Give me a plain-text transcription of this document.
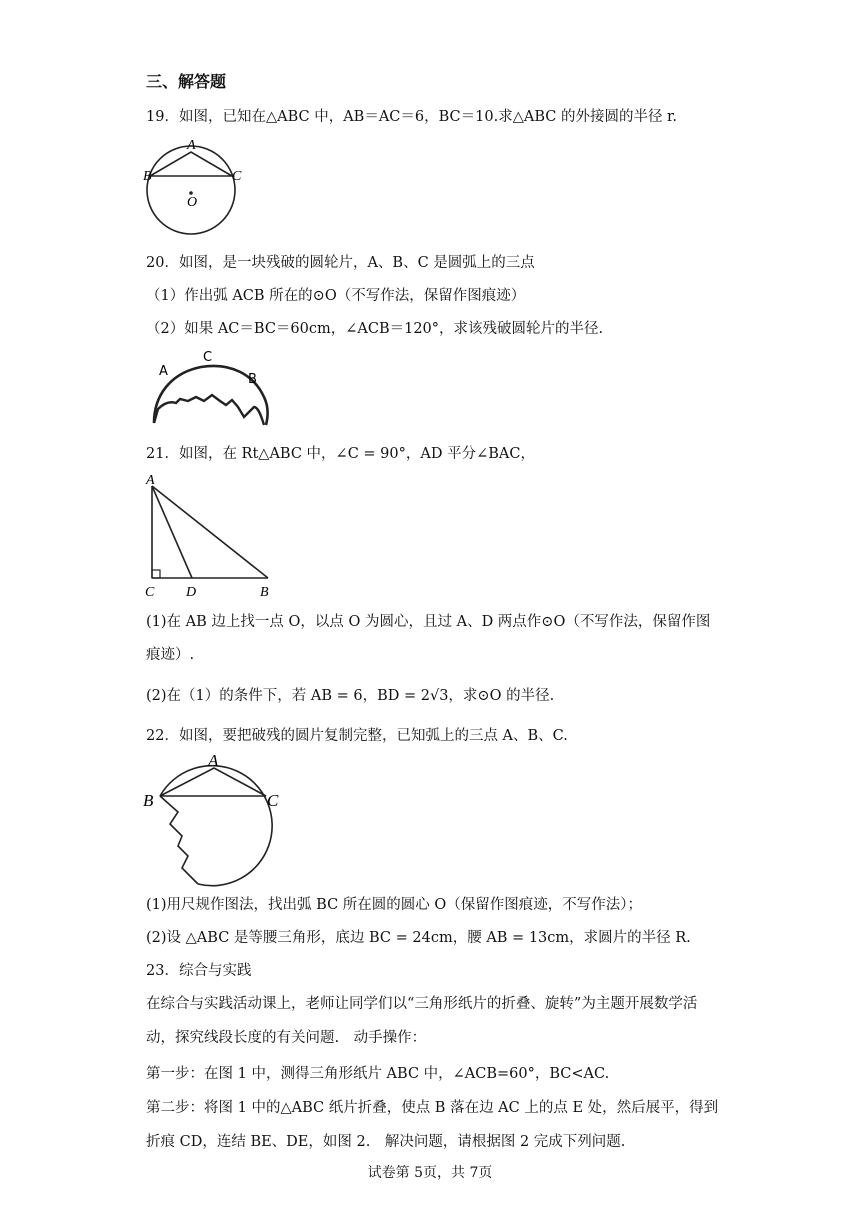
三、解答题
19．如图，已知在△ABC 中，AB＝AC＝6，BC＝10.求△ABC 的外接圆的半径 r.
A
B	C
O
20．如图，是一块残破的圆轮片，A、B、C 是圆弧上的三点
（1）作出弧 ACB 所在的⊙O（不写作法，保留作图痕迹）
（2）如果 AC＝BC＝60cm，∠ACB＝120°，求该残破圆轮片的半径.
A
C
B
21．如图，在 Rt△ABC 中，∠C = 90°，AD 平分∠BAC，
A
C D	B
(1)在 AB 边上找一点 O，以点 O 为圆心，且过 A、D 两点作⊙O（不写作法，保留作图
痕迹）.
(2)在（1）的条件下，若 AB = 6，BD = 2√3，求⊙O 的半径.
22．如图，要把破残的圆片复制完整，已知弧上的三点 A、B、C.
A
B	C
(1)用尺规作图法，找出弧 BC 所在圆的圆心 O（保留作图痕迹，不写作法）；
(2)设 △ABC 是等腰三角形，底边 BC = 24cm，腰 AB = 13cm，求圆片的半径 R.
23．综合与实践
在综合与实践活动课上，老师让同学们以“三角形纸片的折叠、旋转”为主题开展数学活
动，探究线段长度的有关问题.　动手操作：
第一步：在图 1 中，测得三角形纸片 ABC 中，∠ACB=60°，BC<AC.
第二步：将图 1 中的△ABC 纸片折叠，使点 B 落在边 AC 上的点 E 处，然后展平，得到
折痕 CD，连结 BE、DE，如图 2.　解决问题，请根据图 2 完成下列问题.
试卷第 5页，共 7页
